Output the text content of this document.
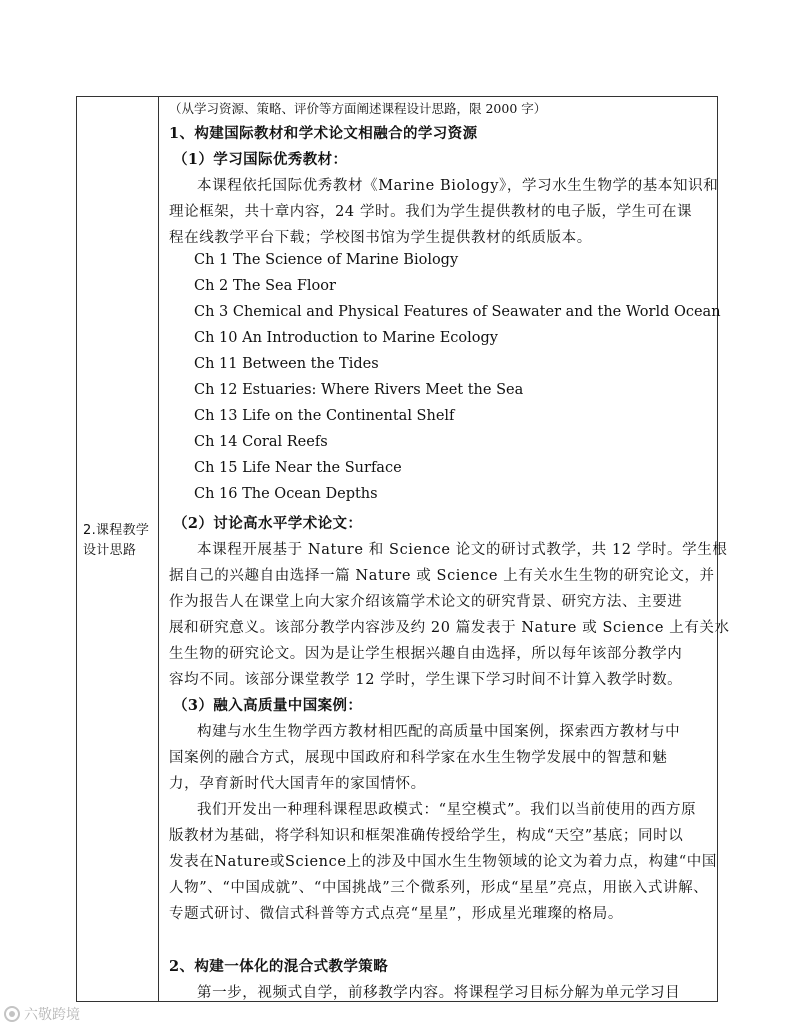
2.课程教学
设计思路
（从学习资源、策略、评价等方面阐述课程设计思路，限 2000 字）
1、构建国际教材和学术论文相融合的学习资源
（1）学习国际优秀教材：
本课程依托国际优秀教材《Marine Biology》，学习水生生物学的基本知识和
理论框架，共十章内容，24 学时。我们为学生提供教材的电子版，学生可在课
程在线教学平台下载；学校图书馆为学生提供教材的纸质版本。
Ch 1 The Science of Marine Biology
Ch 2 The Sea Floor
Ch 3 Chemical and Physical Features of Seawater and the World Ocean
Ch 10 An Introduction to Marine Ecology
Ch 11 Between the Tides
Ch 12 Estuaries: Where Rivers Meet the Sea
Ch 13 Life on the Continental Shelf
Ch 14 Coral Reefs
Ch 15 Life Near the Surface
Ch 16 The Ocean Depths
（2）讨论高水平学术论文：
本课程开展基于 Nature 和 Science 论文的研讨式教学，共 12 学时。学生根
据自己的兴趣自由选择一篇 Nature 或 Science 上有关水生生物的研究论文，并
作为报告人在课堂上向大家介绍该篇学术论文的研究背景、研究方法、主要进
展和研究意义。该部分教学内容涉及约 20 篇发表于 Nature 或 Science 上有关水
生生物的研究论文。因为是让学生根据兴趣自由选择，所以每年该部分教学内
容均不同。该部分课堂教学 12 学时，学生课下学习时间不计算入教学时数。
（3）融入高质量中国案例：
构建与水生生物学西方教材相匹配的高质量中国案例，探索西方教材与中
国案例的融合方式，展现中国政府和科学家在水生生物学发展中的智慧和魅
力，孕育新时代大国青年的家国情怀。
我们开发出一种理科课程思政模式：“星空模式”。我们以当前使用的西方原
版教材为基础，将学科知识和框架准确传授给学生，构成“天空”基底；同时以
发表在Nature或Science上的涉及中国水生生物领域的论文为着力点，构建“中国
人物”、“中国成就”、“中国挑战”三个微系列，形成“星星”亮点，用嵌入式讲解、
专题式研讨、微信式科普等方式点亮“星星”，形成星光璀璨的格局。
2、构建一体化的混合式教学策略
第一步，视频式自学，前移教学内容。将课程学习目标分解为单元学习目
六敬跨境
